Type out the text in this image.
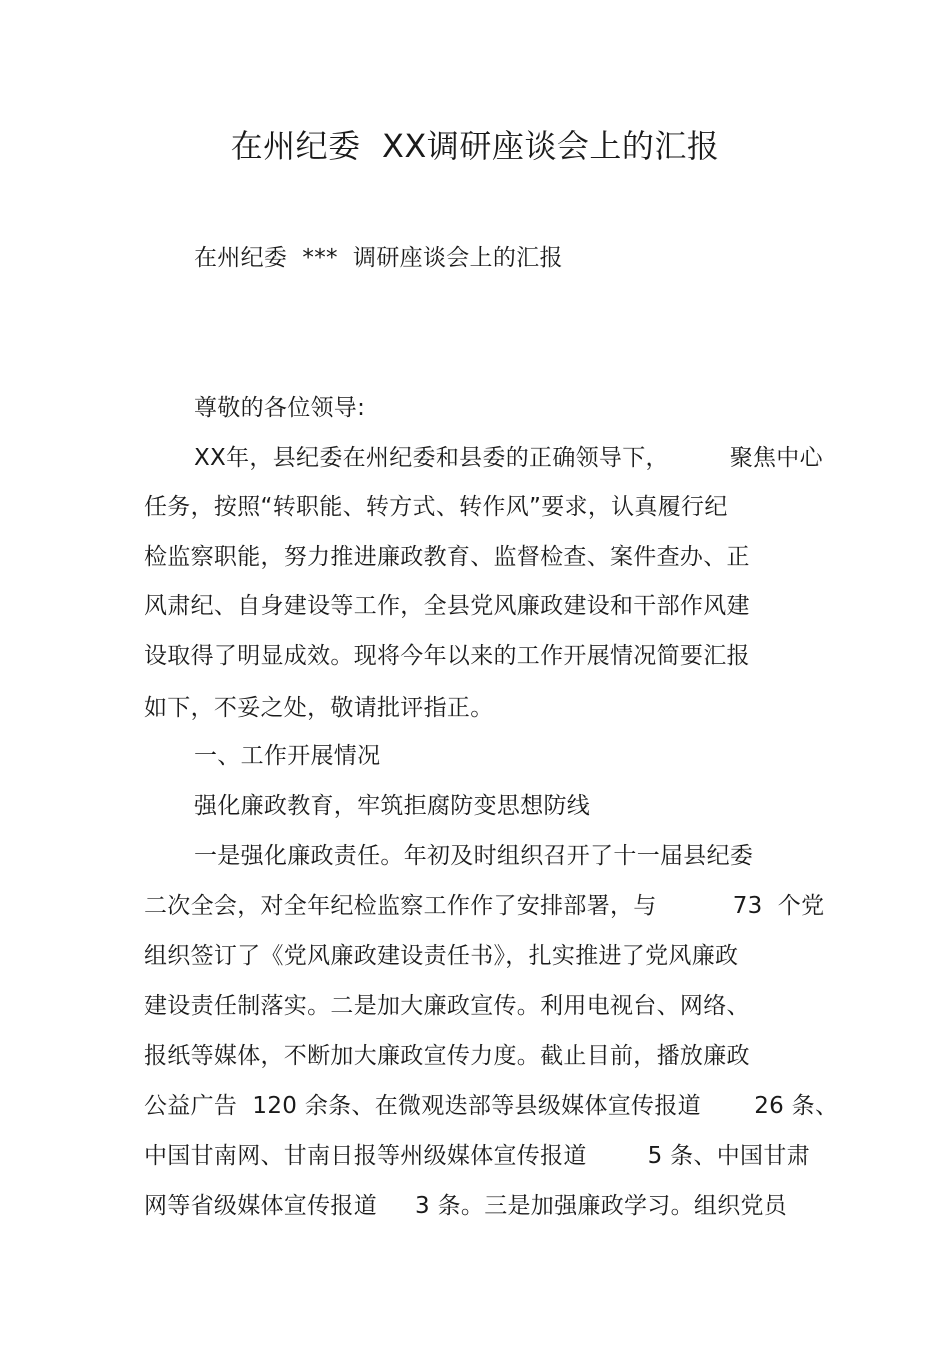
在州纪委  XX调研座谈会上的汇报
在州纪委  ***  调研座谈会上的汇报
尊敬的各位领导:
XX年，县纪委在州纪委和县委的正确领导下，        聚焦中心
任务，按照“转职能、转方式、转作风”要求，认真履行纪
检监察职能，努力推进廉政教育、监督检查、案件查办、正
风肃纪、自身建设等工作，全县党风廉政建设和干部作风建
设取得了明显成效。现将今年以来的工作开展情况简要汇报
如下，不妥之处，敬请批评指正。
一、工作开展情况
强化廉政教育，牢筑拒腐防变思想防线
一是强化廉政责任。年初及时组织召开了十一届县纪委
二次全会，对全年纪检监察工作作了安排部署，与          73  个党
组织签订了《党风廉政建设责任书》，扎实推进了党风廉政
建设责任制落实。二是加大廉政宣传。利用电视台、网络、
报纸等媒体，不断加大廉政宣传力度。截止目前，播放廉政
公益广告  120 余条、在微观迭部等县级媒体宣传报道       26 条、
中国甘南网、甘南日报等州级媒体宣传报道        5 条、中国甘肃
网等省级媒体宣传报道     3 条。三是加强廉政学习。组织党员
